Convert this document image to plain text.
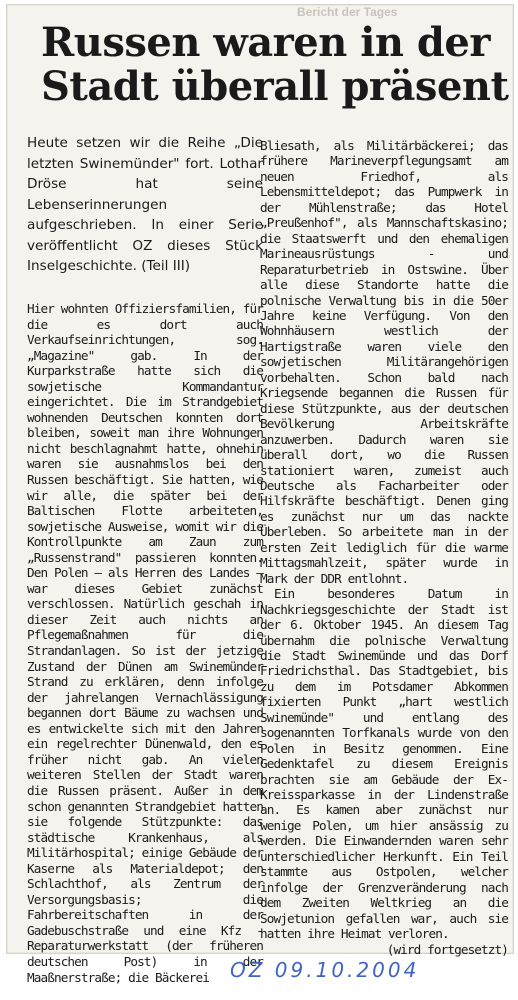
Bericht der Tages
Russen waren in der Stadt überall präsent

Heute setzen wir die Reihe „Die letzten Swinemünder" fort. Lothar Dröse hat seine Lebenserinnerungen aufgeschrieben. In einer Serie veröffentlicht OZ dieses Stück Inselgeschichte. (Teil III)

Hier wohnten Offiziersfamilien, für die es dort auch Verkaufseinrichtungen, sog. „Magazine" gab. In der Kurparkstraße hatte sich die sowjetische Kommandantur eingerichtet. Die im Strandgebiet wohnenden Deutschen konnten dort bleiben, soweit man ihre Wohnungen nicht beschlagnahmt hatte, ohnehin waren sie ausnahmslos bei den Russen beschäftigt. Sie hatten, wie wir alle, die später bei der Baltischen Flotte arbeiteten, sowjetische Ausweise, womit wir die Kontrollpunkte am Zaun zum „Russenstrand" passieren konnten. Den Polen – als Herren des Landes – war dieses Gebiet zunächst verschlossen. Natürlich geschah in dieser Zeit auch nichts an Pflegemaßnahmen für die Strandanlagen. So ist der jetzige Zustand der Dünen am Swinemünder Strand zu erklären, denn infolge der jahrelangen Vernachlässigung begannen dort Bäume zu wachsen und es entwickelte sich mit den Jahren ein regelrechter Dünenwald, den es früher nicht gab. An vielen weiteren Stellen der Stadt waren die Russen präsent. Außer in dem schon genannten Strandgebiet hatten sie folgende Stützpunkte: das städtische Krankenhaus, als Militärhospital; einige Gebäude der Kaserne als Materialdepot; den Schlachthof, als Zentrum der Versorgungsbasis; die Fahrbereitschaften in der Gadebuschstraße und eine Kfz - Reparaturwerkstatt (der früheren deutschen Post) in der Maaßnerstraße; die Bäckerei

Bliesath, als Militärbäckerei; das frühere Marineverpflegungsamt am neuen Friedhof, als Lebensmitteldepot; das Pumpwerk in der Mühlenstraße; das Hotel „Preußenhof", als Mannschaftskasino; die Staatswerft und den ehemaligen Marineausrüstungs - und Reparaturbetrieb in Ostswine. Über alle diese Standorte hatte die polnische Verwaltung bis in die 50er Jahre keine Verfügung. Von den Wohnhäusern westlich der Hartigstraße waren viele den sowjetischen Militärangehörigen vorbehalten. Schon bald nach Kriegsende begannen die Russen für diese Stützpunkte, aus der deutschen Bevölkerung Arbeitskräfte anzuwerben. Dadurch waren sie überall dort, wo die Russen stationiert waren, zumeist auch Deutsche als Facharbeiter oder Hilfskräfte beschäftigt. Denen ging es zunächst nur um das nackte Überleben. So arbeitete man in der ersten Zeit lediglich für die warme Mittagsmahlzeit, später wurde in Mark der DDR entlohnt.

Ein besonderes Datum in Nachkriegsgeschichte der Stadt ist der 6. Oktober 1945. An diesem Tag übernahm die polnische Verwaltung die Stadt Swinemünde und das Dorf Friedrichsthal. Das Stadtgebiet, bis zu dem im Potsdamer Abkommen fixierten Punkt „hart westlich Swinemünde" und entlang des sogenannten Torfkanals wurde von den Polen in Besitz genommen. Eine Gedenktafel zu diesem Ereignis brachten sie am Gebäude der Ex-Kreissparkasse in der Lindenstraße an. Es kamen aber zunächst nur wenige Polen, um hier ansässig zu werden. Die Einwandernden waren sehr unterschiedlicher Herkunft. Ein Teil stammte aus Ostpolen, welcher infolge der Grenzveränderung nach dem Zweiten Weltkrieg an die Sowjetunion gefallen war, auch sie hatten ihre Heimat verloren.

(wird fortgesetzt)

OZ 09.10.2004
